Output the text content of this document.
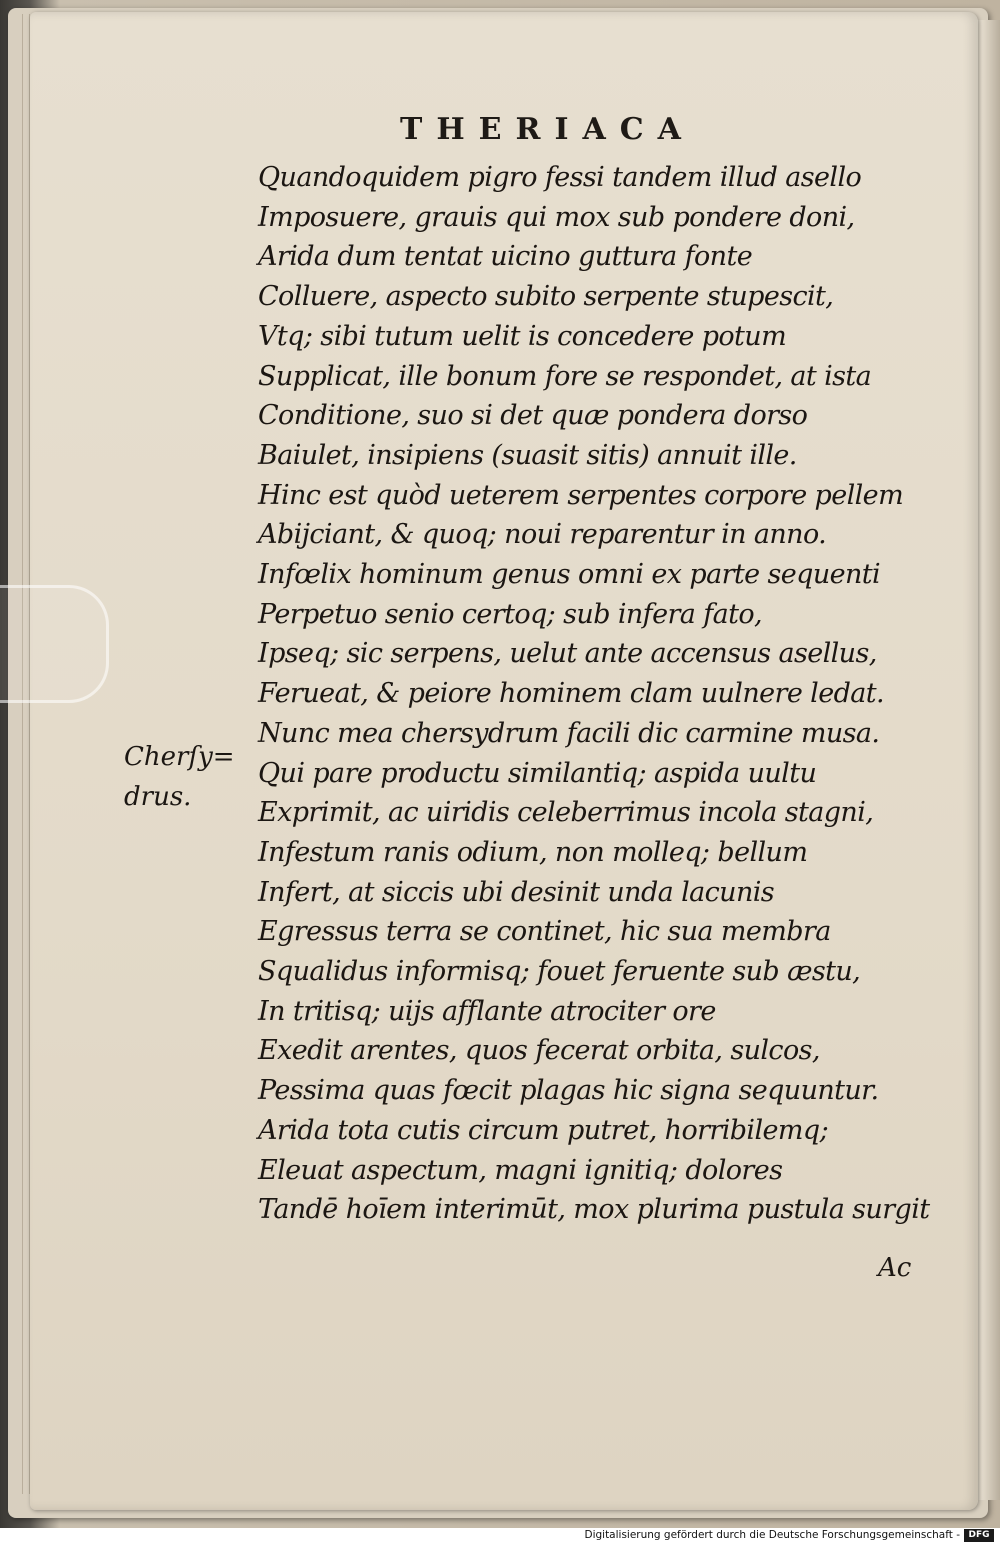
THERIACA
Quandoquidem pigro fessi tandem illud asello
Imposuere, grauis qui mox sub pondere doni,
Arida dum tentat uicino guttura fonte
Colluere, aspecto subito serpente stupescit,
Vtq; sibi tutum uelit is concedere potum
Supplicat, ille bonum fore se respondet, at ista
Conditione, suo si det quæ pondera dorso
Baiulet, insipiens (suasit sitis) annuit ille.
Hinc est quòd ueterem serpentes corpore pellem
Abijciant, & quoq; noui reparentur in anno.
Infœlix hominum genus omni ex parte sequenti
Perpetuo senio certoq; sub infera fato,
Ipseq; sic serpens, uelut ante accensus asellus,
Ferueat, & peiore hominem clam uulnere ledat.
Nunc mea chersydrum facili dic carmine musa.
Qui pare productu similantiq; aspida uultu
Exprimit, ac uiridis celeberrimus incola stagni,
Infestum ranis odium, non molleq; bellum
Infert, at siccis ubi desinit unda lacunis
Egressus terra se continet, hic sua membra
Squalidus informisq; fouet feruente sub æstu,
In tritisq; uijs afflante atrociter ore
Exedit arentes, quos fecerat orbita, sulcos,
Pessima quas fœcit plagas hic signa sequuntur.
Arida tota cutis circum putret, horribilemq;
Eleuat aspectum, magni ignitiq; dolores
Tandē hoīem interimūt, mox plurima pustula surgit
Cherſy=
drus.
Ac
Digitalisierung gefördert durch die Deutsche Forschungsgemeinschaft - DFG
